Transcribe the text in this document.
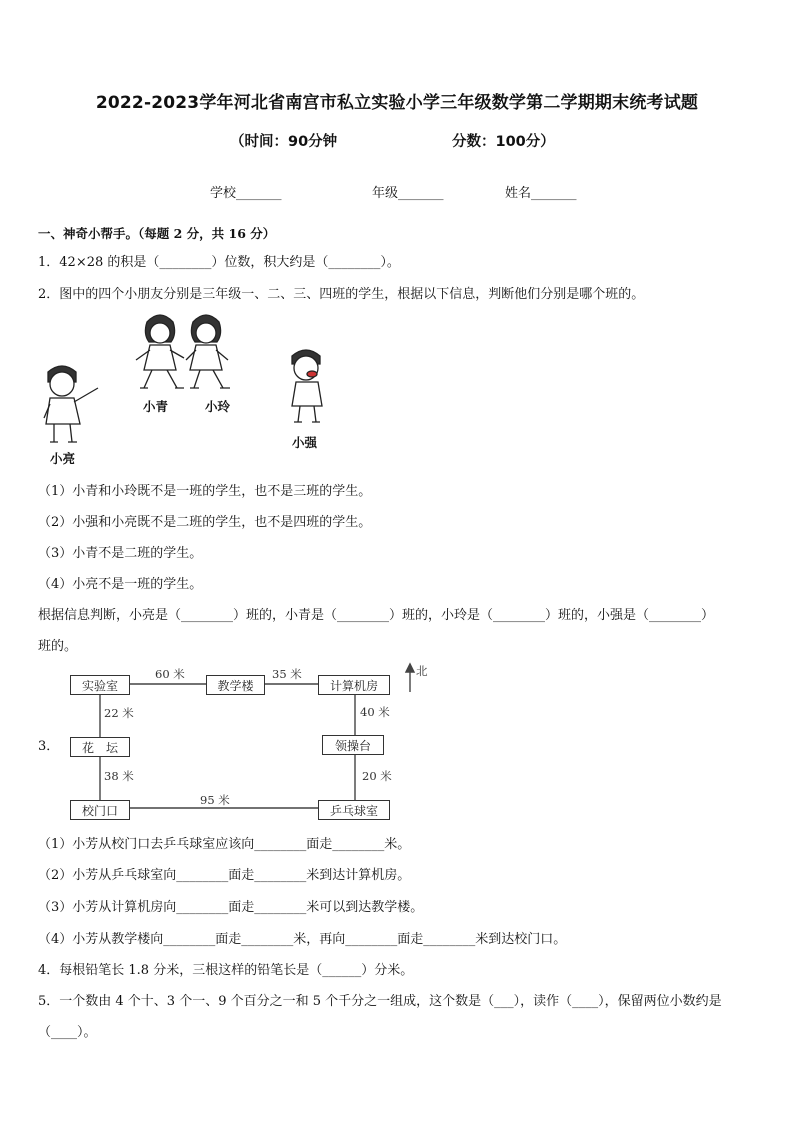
2022-2023学年河北省南宫市私立实验小学三年级数学第二学期期末统考试题
（时间：90分钟	分数：100分）
学校_______	年级_______	姓名_______
一、神奇小帮手。（每题 2 分，共 16 分）
1．42×28 的积是（________）位数，积大约是（________）。
2．图中的四个小朋友分别是三年级一、二、三、四班的学生，根据以下信息，判断他们分别是哪个班的。
小青	小玲
小亮
小强
（1）小青和小玲既不是一班的学生，也不是三班的学生。
（2）小强和小亮既不是二班的学生，也不是四班的学生。
（3）小青不是二班的学生。
（4）小亮不是一班的学生。
根据信息判断，小亮是（________）班的，小青是（________）班的，小玲是（________）班的，小强是（________）
班的。
3．
实验室	教学楼	计算机房
花　坛	领操台
校门口	乒乓球室
60 米	35 米
22 米	40 米
38 米	20 米
95 米
北
（1）小芳从校门口去乒乓球室应该向________面走________米。
（2）小芳从乒乓球室向________面走________米到达计算机房。
（3）小芳从计算机房向________面走________米可以到达教学楼。
（4）小芳从教学楼向________面走________米，再向________面走________米到达校门口。
4．每根铅笔长 1.8 分米，三根这样的铅笔长是（______）分米。
5．一个数由 4 个十、3 个一、9 个百分之一和 5 个千分之一组成，这个数是（___），读作（____），保留两位小数约是
（____）。
